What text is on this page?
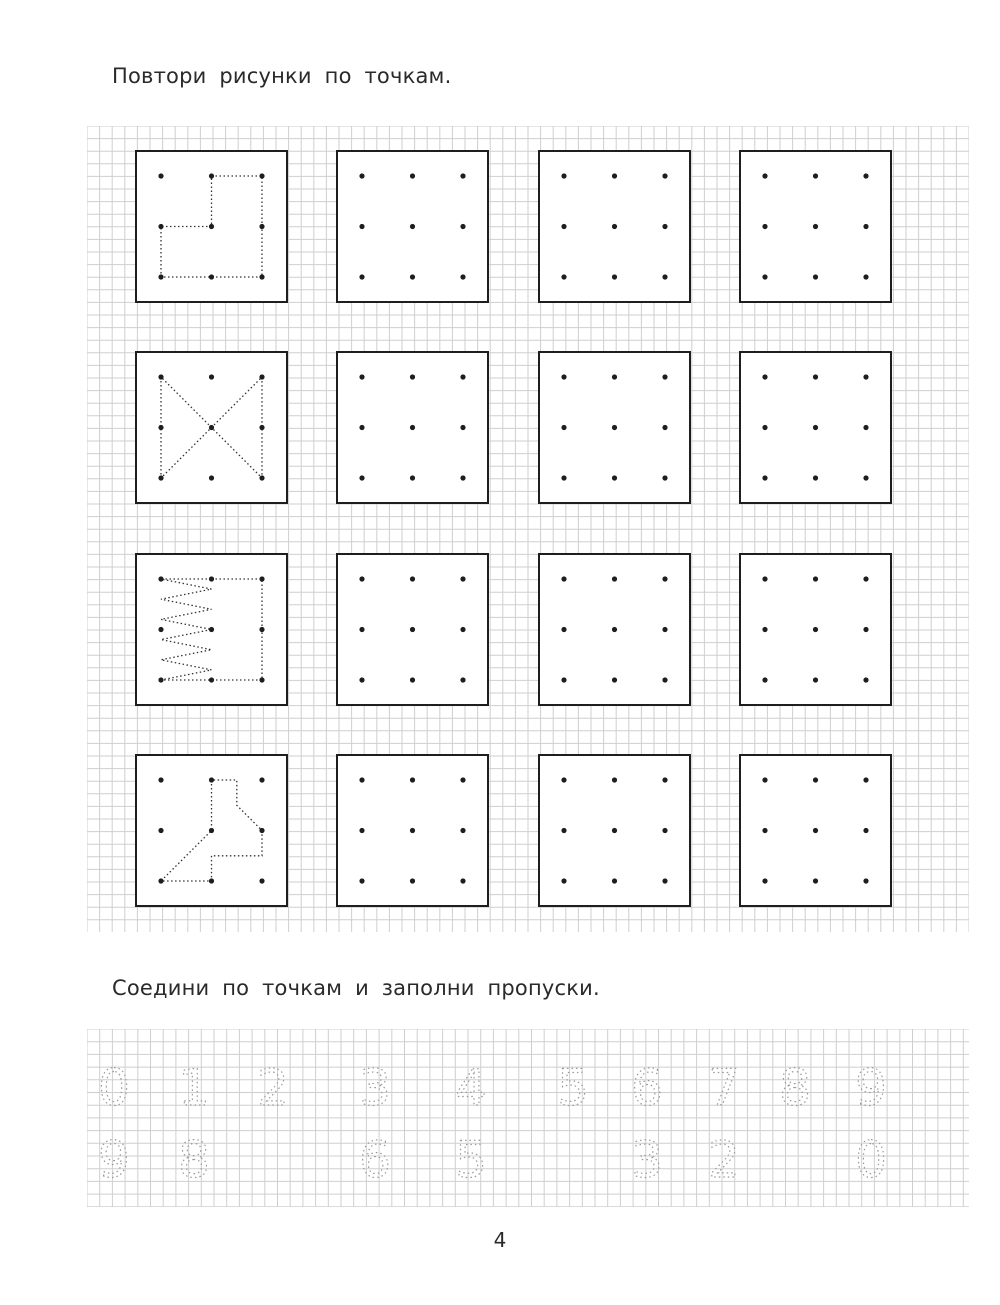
Повтори рисунки по точкам.
Соедини по точкам и заполни пропуски.
0 1 2 3 4 5 6 7 8 9
9 8	6 5	3 2 0
4
